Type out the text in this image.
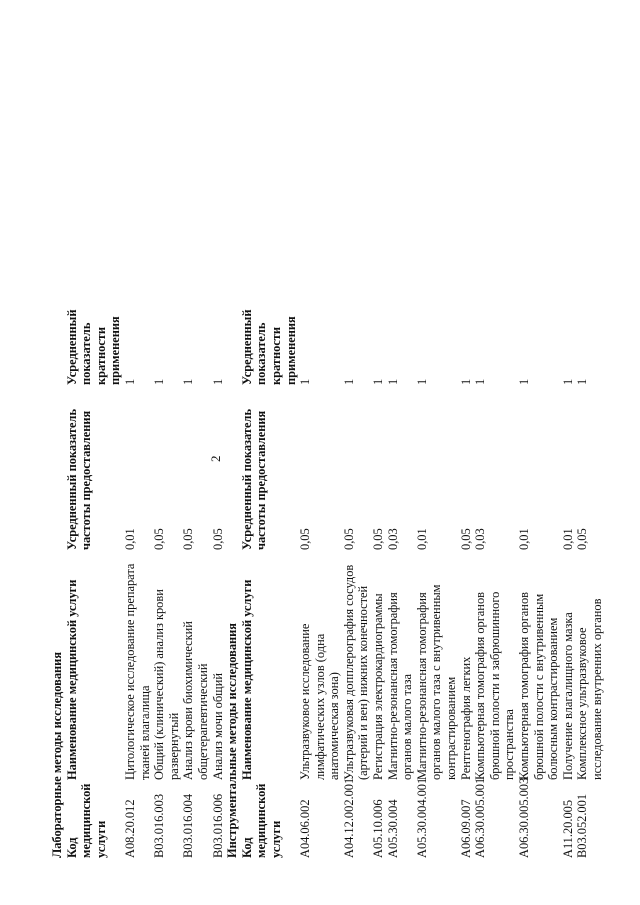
2
Лабораторные методы исследования Код медицинской услуги
Наименование медицинской услуги
Усредненный показатель частоты предоставления
Усредненный показатель кратности применения
А08.20.012
Цитологическое исследование препарата тканей влагалища
0,01
1
В03.016.003
Общий (клинический) анализ крови развернутый
0,05
1
В03.016.004
Анализ крови биохимический общетерапевтический
0,05
1
В03.016.006
Анализ мочи общий
0,05
1
Инструментальные методы исследования Код медицинской услуги
Наименование медицинской услуги
Усредненный показатель частоты предоставления
Усредненный показатель кратности применения
А04.06.002
Ультразвуковое исследование лимфатических узлов (одна анатомическая зона)
0,05
1
А04.12.002.001
Ультразвуковая допплерография сосудов (артерий и вен) нижних конечностей
0,05
1
А05.10.006
Регистрация электрокардиограммы
0,05
1
А05.30.004
Магнитно-резонансная томография органов малого таза
0,03
1
А05.30.004.001
Магнитно-резонансная томография органов малого таза с внутривенным контрастированием
0,01
1
А06.09.007
Рентгенография легких
0,05
1
А06.30.005.001
Компьютерная томография органов брюшной полости и забрюшинного пространства
0,03
1
А06.30.005.003
Компьютерная томография органов брюшной полости с внутривенным болюсным контрастированием
0,01
1
А11.20.005
Получение влагалищного мазка
0,01
1
В03.052.001
Комплексное ультразвуковое исследование внутренних органов
0,05
1
